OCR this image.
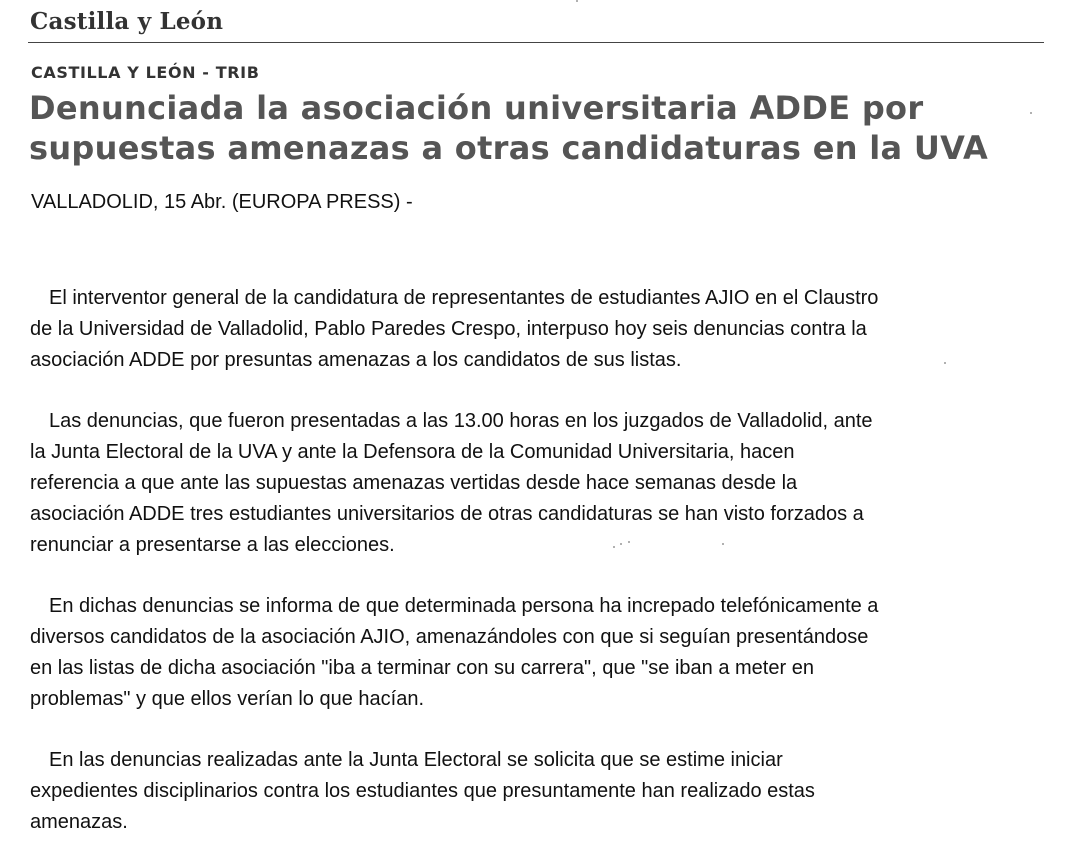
Castilla y León
CASTILLA Y LEÓN - TRIB
Denunciada la asociación universitaria ADDE por
supuestas amenazas a otras candidaturas en la UVA
VALLADOLID, 15 Abr. (EUROPA PRESS) -

El interventor general de la candidatura de representantes de estudiantes AJIO en el Claustro
de la Universidad de Valladolid, Pablo Paredes Crespo, interpuso hoy seis denuncias contra la
asociación ADDE por presuntas amenazas a los candidatos de sus listas.

Las denuncias, que fueron presentadas a las 13.00 horas en los juzgados de Valladolid, ante
la Junta Electoral de la UVA y ante la Defensora de la Comunidad Universitaria, hacen
referencia a que ante las supuestas amenazas vertidas desde hace semanas desde la
asociación ADDE tres estudiantes universitarios de otras candidaturas se han visto forzados a
renunciar a presentarse a las elecciones.

En dichas denuncias se informa de que determinada persona ha increpado telefónicamente a
diversos candidatos de la asociación AJIO, amenazándoles con que si seguían presentándose
en las listas de dicha asociación "iba a terminar con su carrera", que "se iban a meter en
problemas" y que ellos verían lo que hacían.

En las denuncias realizadas ante la Junta Electoral se solicita que se estime iniciar
expedientes disciplinarios contra los estudiantes que presuntamente han realizado estas
amenazas.
